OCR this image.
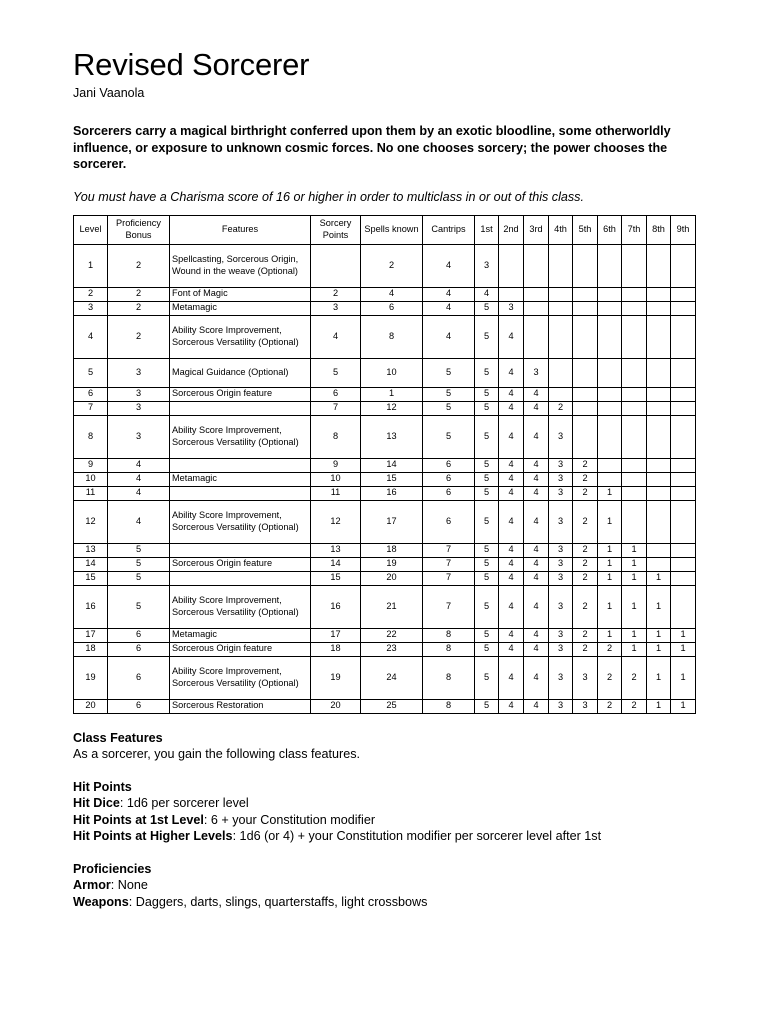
Revised Sorcerer
Jani Vaanola
Sorcerers carry a magical birthright conferred upon them by an exotic bloodline, some otherworldly influence, or exposure to unknown cosmic forces. No one chooses sorcery; the power chooses the sorcerer.
You must have a Charisma score of 16 or higher in order to multiclass in or out of this class.
Level	Proficiency Bonus	Features	Sorcery Points	Spells known	Cantrips	1st	2nd	3rd	4th	5th	6th	7th	8th	9th
1	2	Spellcasting, Sorcerous Origin, Wound in the weave (Optional)		2	4	3								
2	2	Font of Magic	2	4	4	4								
3	2	Metamagic	3	6	4	5	3							
4	2	Ability Score Improvement, Sorcerous Versatility (Optional)	4	8	4	5	4							
5	3	Magical Guidance (Optional)	5	10	5	5	4	3						
6	3	Sorcerous Origin feature	6	1	5	5	4	4						
7	3		7	12	5	5	4	4	2					
8	3	Ability Score Improvement, Sorcerous Versatility (Optional)	8	13	5	5	4	4	3					
9	4		9	14	6	5	4	4	3	2				
10	4	Metamagic	10	15	6	5	4	4	3	2				
11	4		11	16	6	5	4	4	3	2	1			
12	4	Ability Score Improvement, Sorcerous Versatility (Optional)	12	17	6	5	4	4	3	2	1			
13	5		13	18	7	5	4	4	3	2	1	1		
14	5	Sorcerous Origin feature	14	19	7	5	4	4	3	2	1	1		
15	5		15	20	7	5	4	4	3	2	1	1	1	
16	5	Ability Score Improvement, Sorcerous Versatility (Optional)	16	21	7	5	4	4	3	2	1	1	1	
17	6	Metamagic	17	22	8	5	4	4	3	2	1	1	1	1
18	6	Sorcerous Origin feature	18	23	8	5	4	4	3	2	2	1	1	1
19	6	Ability Score Improvement, Sorcerous Versatility (Optional)	19	24	8	5	4	4	3	3	2	2	1	1
20	6	Sorcerous Restoration	20	25	8	5	4	4	3	3	2	2	1	1
Class Features
As a sorcerer, you gain the following class features.
Hit Points
Hit Dice: 1d6 per sorcerer level
Hit Points at 1st Level: 6 + your Constitution modifier
Hit Points at Higher Levels: 1d6 (or 4) + your Constitution modifier per sorcerer level after 1st
Proficiencies
Armor: None
Weapons: Daggers, darts, slings, quarterstaffs, light crossbows
